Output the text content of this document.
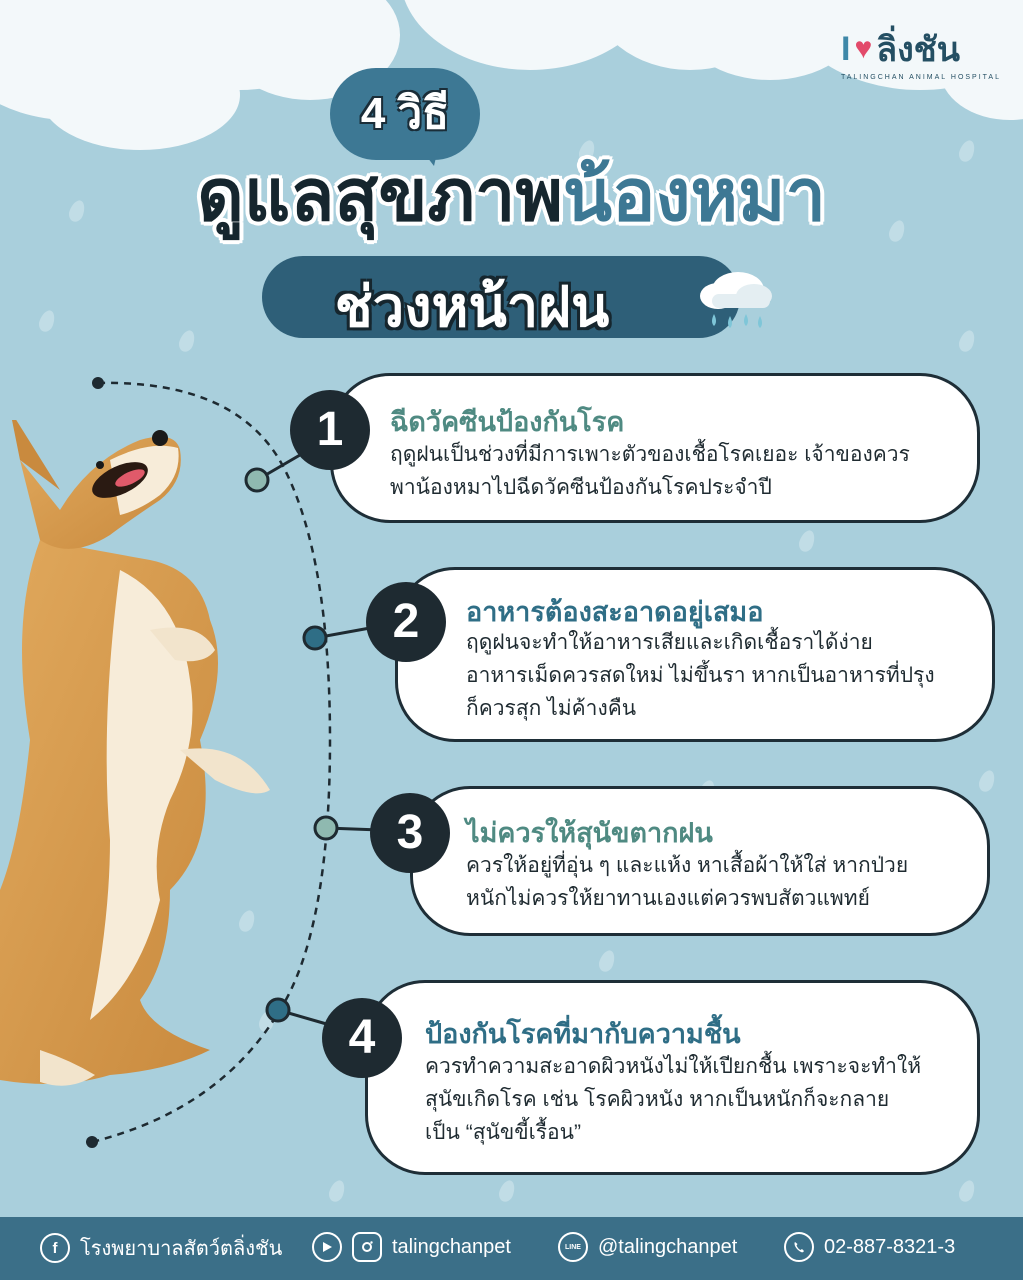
I ♥ ลิ่งชัน
TALINGCHAN ANIMAL HOSPITAL
4 วิธี
ดูแลสุขภาพน้องหมา
ช่วงหน้าฝน
1	ฉีดวัคซีนป้องกันโรค
ฤดูฝนเป็นช่วงที่มีการเพาะตัวของเชื้อโรคเยอะ เจ้าของควร
พาน้องหมาไปฉีดวัคซีนป้องกันโรคประจำปี
2	อาหารต้องสะอาดอยู่เสมอ
ฤดูฝนจะทำให้อาหารเสียและเกิดเชื้อราได้ง่าย
อาหารเม็ดควรสดใหม่ ไม่ขึ้นรา หากเป็นอาหารที่ปรุง
ก็ควรสุก ไม่ค้างคืน
3	ไม่ควรให้สุนัขตากฝน
ควรให้อยู่ที่อุ่น ๆ และแห้ง หาเสื้อผ้าให้ใส่ หากป่วย
หนักไม่ควรให้ยาทานเองแต่ควรพบสัตวแพทย์
4	ป้องกันโรคที่มากับความชื้น
ควรทำความสะอาดผิวหนังไม่ให้เปียกชื้น เพราะจะทำให้
สุนัขเกิดโรค เช่น โรคผิวหนัง หากเป็นหนักก็จะกลาย
เป็น “สุนัขขี้เรื้อน”
f	โรงพยาบาลสัตว์ตลิ่งชัน	talingchanpet	LINE @talingchanpet	02-887-8321-3
